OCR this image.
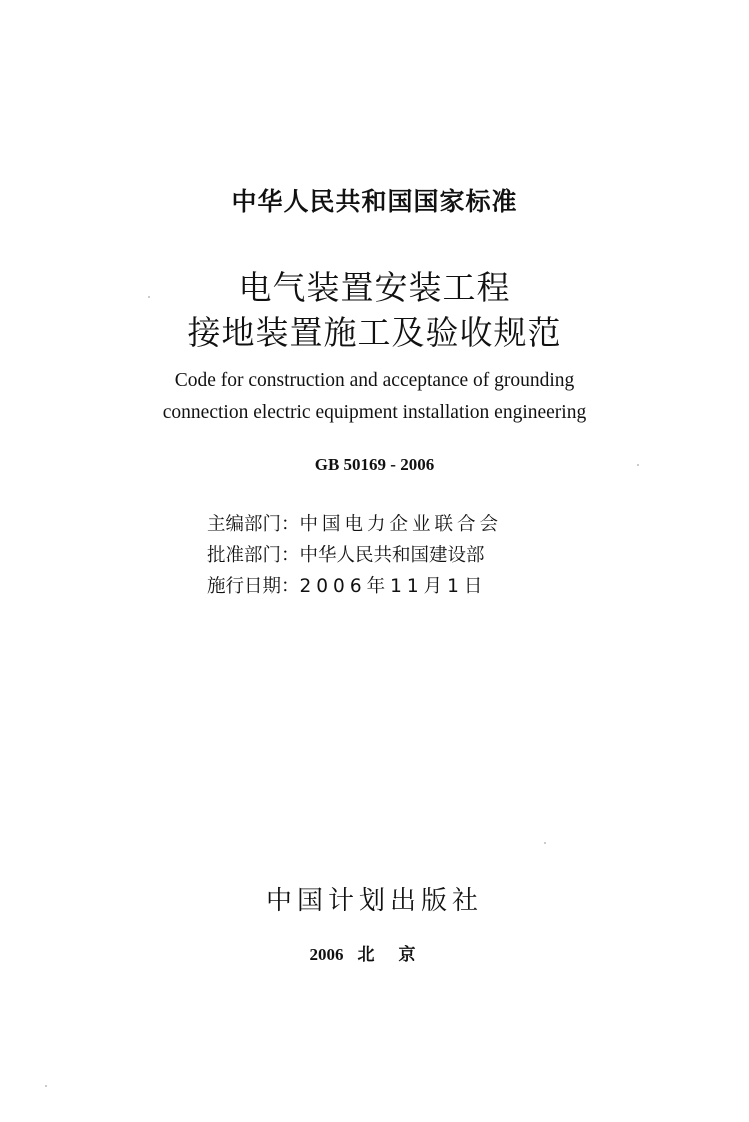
中华人民共和国国家标准
电气装置安装工程
接地装置施工及验收规范
Code for construction and acceptance of grounding
connection electric equipment installation engineering
GB 50169 - 2006
主编部门：中国电力企业联合会
批准部门：中华人民共和国建设部
施行日期：2006年11月1日
中国计划出版社
2006 北京
